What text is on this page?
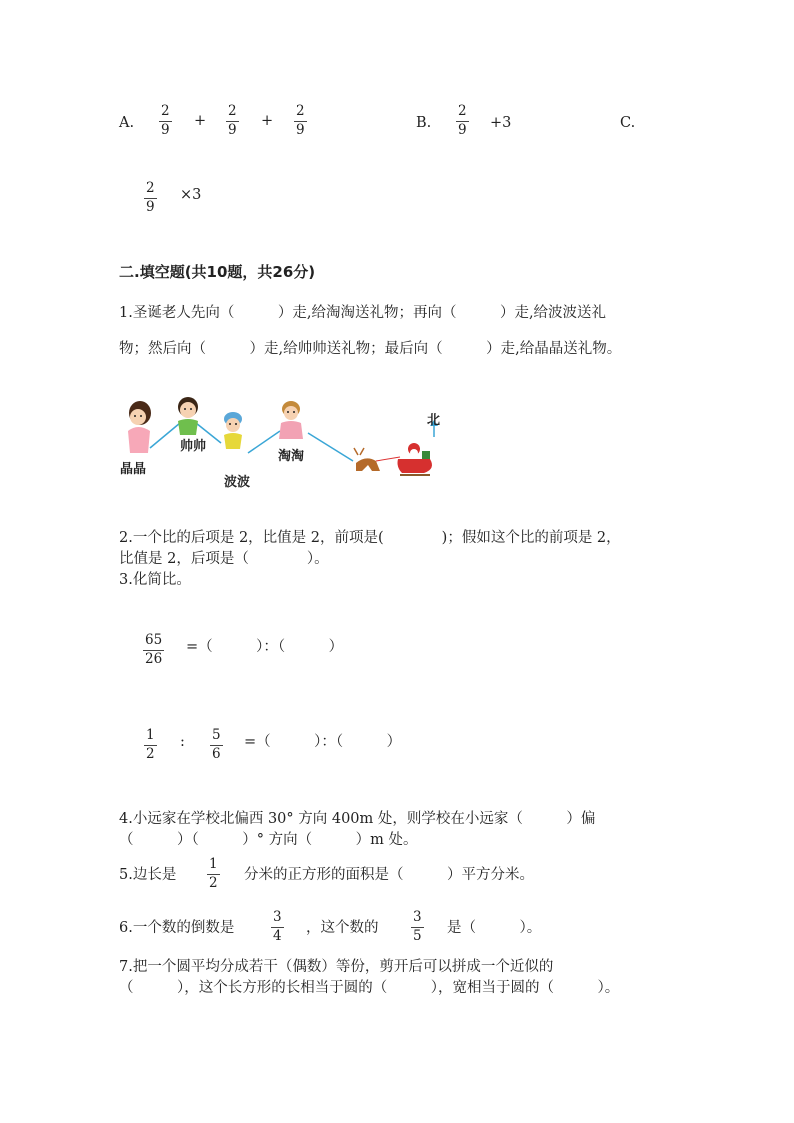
A.
2
9
+
2
9
+
2
9	B.
2
9 +3	C.
2
9
×3
二.填空题(共10题，共26分)
1.圣诞老人先向（　　　）走,给淘淘送礼物；再向（　　　）走,给波波送礼
物；然后向（　　　）走,给帅帅送礼物；最后向（　　　）走,给晶晶送礼物。
晶晶
帅帅
波波
淘淘
北
2.一个比的后项是 2，比值是 2，前项是(　　　　)；假如这个比的前项是 2，
比值是 2，后项是（　　　　）。
3.化简比。
65
26
=（　　　）：（　　　）
1
2
: 5
6
=（　　　）：（　　　）
4.小远家在学校北偏西 30° 方向 400m 处，则学校在小远家（　　　）偏
（　　　）（　　　）° 方向（　　　）m 处。
5.边长是
1
2 分米的正方形的面积是（　　　）平方分米。
6.一个数的倒数是
3
4 ，这个数的
3
5 是（　　　）。
7.把一个圆平均分成若干（偶数）等份，剪开后可以拼成一个近似的
（　　　），这个长方形的长相当于圆的（　　　），宽相当于圆的（　　　）。
